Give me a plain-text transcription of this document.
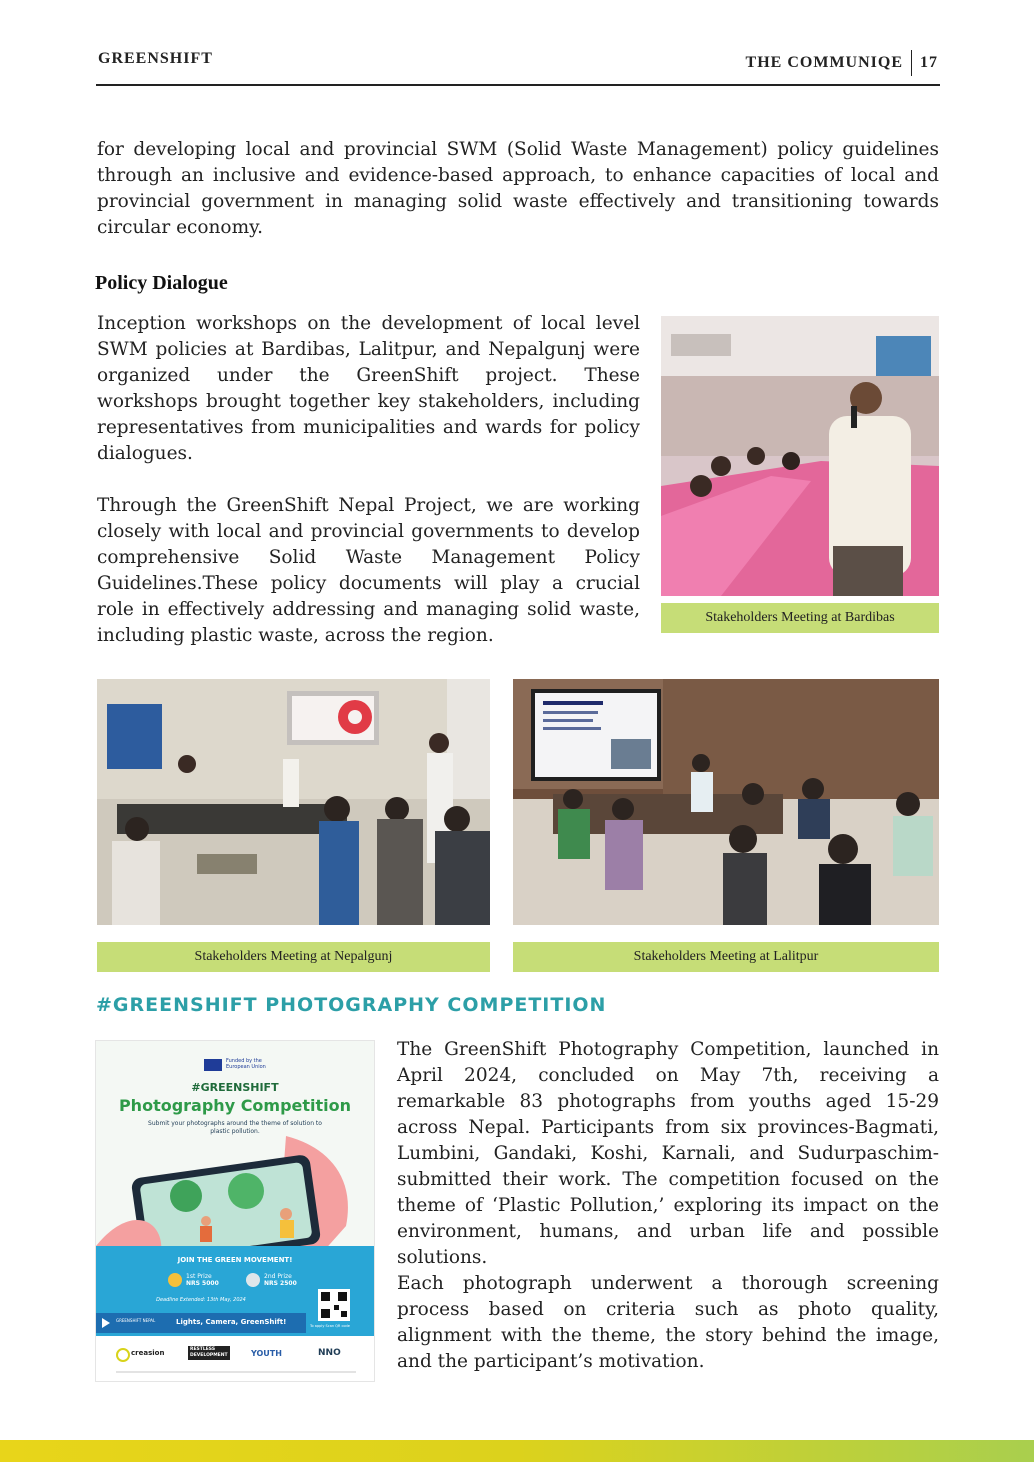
GREENSHIFT	THE COMMUNIQE 17
for developing local and provincial SWM (Solid Waste Management) policy guidelines through an inclusive and evidence-based approach, to enhance capacities of local and provincial government in managing solid waste effectively and transitioning towards circular economy.
Policy Dialogue
Inception workshops on the development of local level SWM policies at Bardibas, Lalitpur, and Nepalgunj were organized under the GreenShift project. These workshops brought together key stakeholders, including representatives from municipalities and wards for policy dialogues.
Through the GreenShift Nepal Project, we are working closely with local and provincial governments to develop comprehensive Solid Waste Management Policy Guidelines.These policy documents will play a crucial role in effectively addressing and managing solid waste, including plastic waste, across the region.
Stakeholders Meeting at Bardibas
Stakeholders Meeting at Nepalgunj	Stakeholders Meeting at Lalitpur
#GREENSHIFT PHOTOGRAPHY COMPETITION
Funded by the European Union
#GREENSHIFT
Photography Competition
Submit your photographs around the theme of solution to plastic pollution.
JOIN THE GREEN MOVEMENT!
1st Prize
NRS 5000
2nd Prize
NRS 2500
Deadline Extended: 13th May, 2024
GREENSHIFT NEPAL	Lights, Camera, GreenShift!	To apply Scan QR code
creasion	RESTLESS DEVELOPMENT	YOUTH	NNO
The GreenShift Photography Competition, launched in April 2024, concluded on May 7th, receiving a remarkable 83 photographs from youths aged 15-29 across Nepal. Participants from six provinces-Bagmati, Lumbini, Gandaki, Koshi, Karnali, and Sudurpaschim-submitted their work. The competition focused on the theme of ‘Plastic Pollution,’ exploring its impact on the environment, humans, and urban life and possible solutions.
Each photograph underwent a thorough screening process based on criteria such as photo quality, alignment with the theme, the story behind the image, and the participant’s motivation.
